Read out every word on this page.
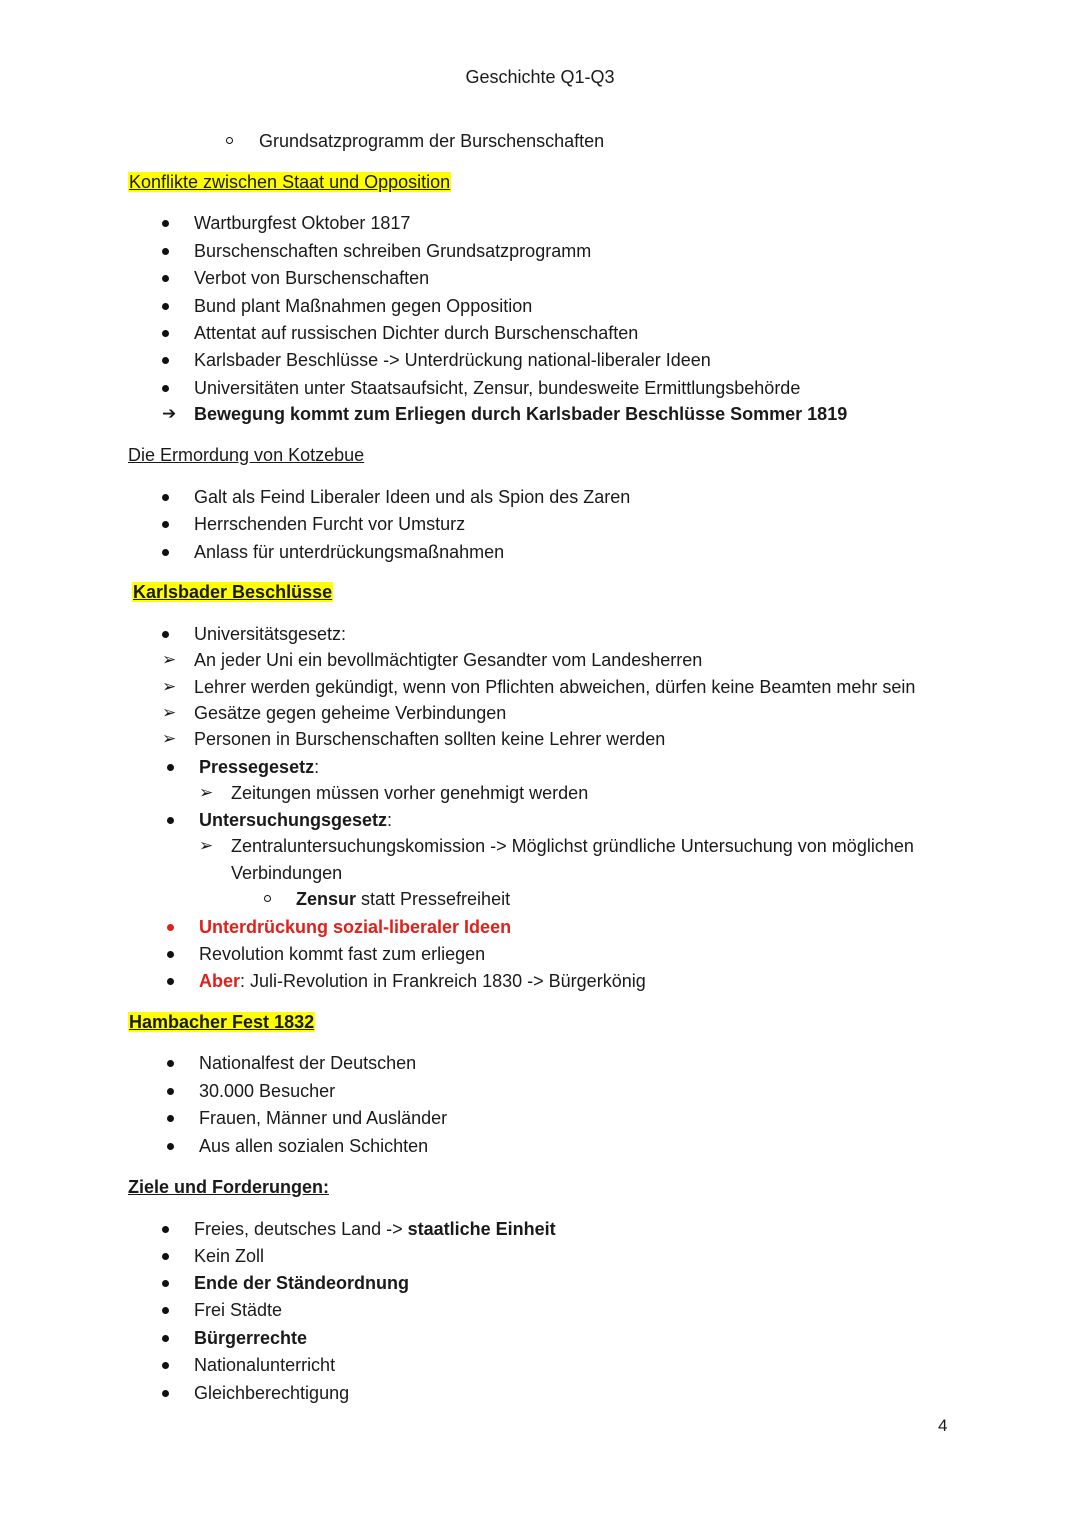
Geschichte Q1-Q3
Grundsatzprogramm der Burschenschaften
Konflikte zwischen Staat und Opposition
Wartburgfest Oktober 1817
Burschenschaften schreiben Grundsatzprogramm
Verbot von Burschenschaften
Bund plant Maßnahmen gegen Opposition
Attentat auf russischen Dichter durch Burschenschaften
Karlsbader Beschlüsse -> Unterdrückung national-liberaler Ideen
Universitäten unter Staatsaufsicht, Zensur, bundesweite Ermittlungsbehörde
➔ Bewegung kommt zum Erliegen durch Karlsbader Beschlüsse Sommer 1819
Die Ermordung von Kotzebue
Galt als Feind Liberaler Ideen und als Spion des Zaren
Herrschenden Furcht vor Umsturz
Anlass für unterdrückungsmaßnahmen
Karlsbader Beschlüsse
Universitätsgesetz:
➢ An jeder Uni ein bevollmächtigter Gesandter vom Landesherren
➢ Lehrer werden gekündigt, wenn von Pflichten abweichen, dürfen keine Beamten mehr sein
➢ Gesätze gegen geheime Verbindungen
➢ Personen in Burschenschaften sollten keine Lehrer werden
Pressegesetz:
➢ Zeitungen müssen vorher genehmigt werden
Untersuchungsgesetz:
➢ Zentraluntersuchungskomission -> Möglichst gründliche Untersuchung von möglichen
Verbindungen
Zensur statt Pressefreiheit
Unterdrückung sozial-liberaler Ideen
Revolution kommt fast zum erliegen
Aber: Juli-Revolution in Frankreich 1830 -> Bürgerkönig
Hambacher Fest 1832
Nationalfest der Deutschen
30.000 Besucher
Frauen, Männer und Ausländer
Aus allen sozialen Schichten
Ziele und Forderungen:
Freies, deutsches Land -> staatliche Einheit
Kein Zoll
Ende der Ständeordnung
Frei Städte
Bürgerrechte
Nationalunterricht
Gleichberechtigung
4
